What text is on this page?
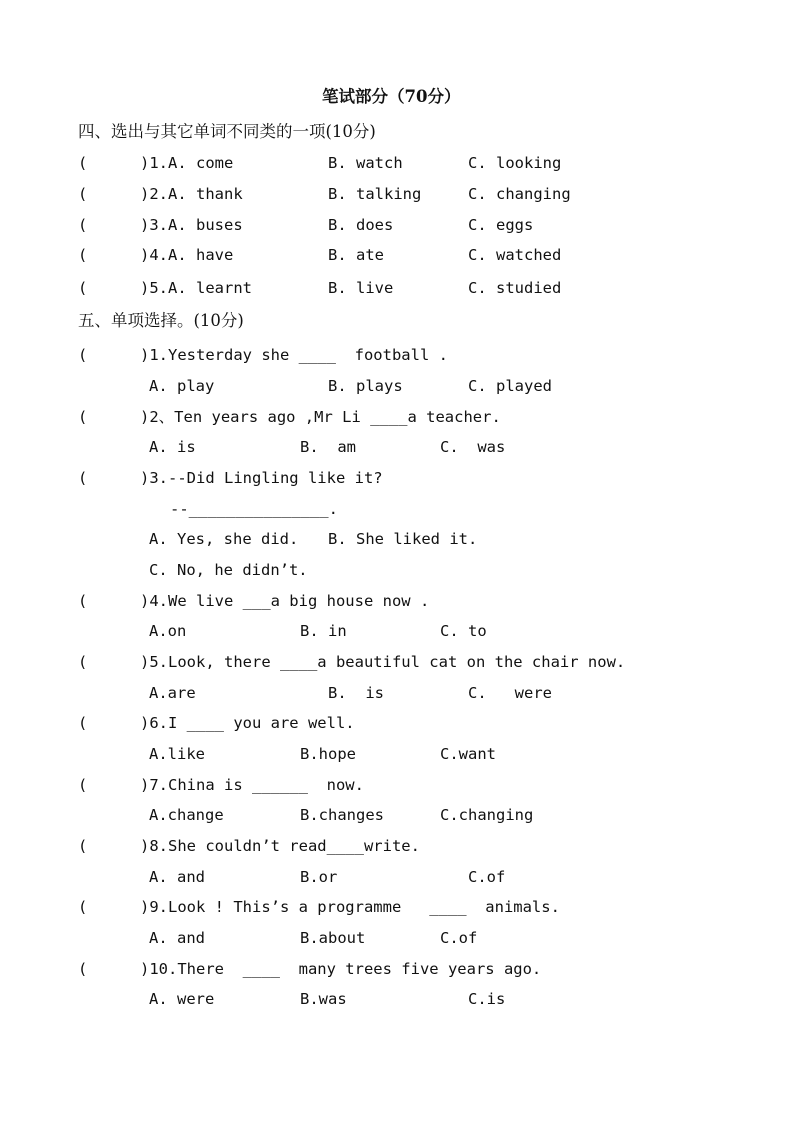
笔试部分（70分）
四、选出与其它单词不同类的一项(10分)
(	)1.A. come	B. watch	C. looking
(	)2.A. thank	B. talking	C. changing
(	)3.A. buses	B. does	C. eggs
(	)4.A. have	B. ate	C. watched
(	)5.A. learnt	B. live	C. studied
五、单项选择。(10分)
(	)1.Yesterday she ____  football .
A. play	B. plays	C. played
(	)2、Ten years ago ,Mr Li ____a teacher.
A. is	B.  am	C.  was
(	)3.--Did Lingling like it?
--_______________.
A. Yes, she did. B. She liked it.
C. No, he didn’t.
(	)4.We live ___a big house now .
A.on	B. in	C. to
(	)5.Look, there ____a beautiful cat on the chair now.
A.are	B.  is	C.   were
(	)6.I ____ you are well.
A.like	B.hope	C.want
(	)7.China is ______  now.
A.change	B.changes	C.changing
(	)8.She couldn’t read____write.
A. and	B.or	C.of
(	)9.Look ! This’s a programme   ____  animals.
A. and	B.about	C.of
(	)10.There  ____  many trees five years ago.
A. were	B.was	C.is
